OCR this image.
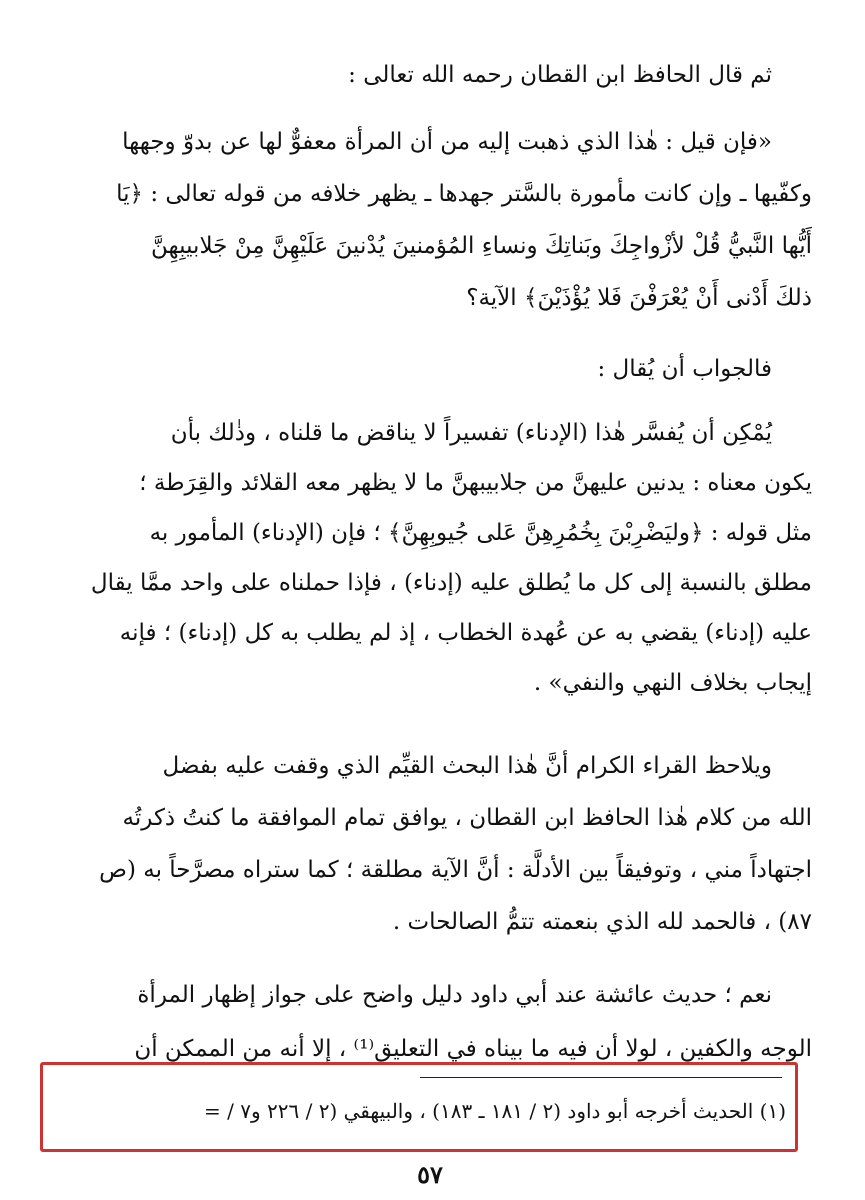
ثم قال الحافظ ابن القطان رحمه الله تعالى :
«فإن قيل : هٰذا الذي ذهبت إليه من أن المرأة معفوٌّ لها عن بدوّ وجهها
وكفّيها ـ وإن كانت مأمورة بالسَّتر جهدها ـ يظهر خلافه من قوله تعالى : ﴿يَا
أَيُّها النَّبيُّ قُلْ لأزْواجِكَ وبَناتِكَ ونساءِ المُؤمنينَ يُدْنينَ عَلَيْهِنَّ مِنْ جَلابيبِهِنَّ
ذلكَ أَدْنى أَنْ يُعْرَفْنَ فَلا يُؤْذَيْنَ﴾ الآية؟
فالجواب أن يُقال :
يُمْكِن أن يُفسَّر هٰذا (الإدناء) تفسيراً لا يناقض ما قلناه ، وذٰلك بأن
يكون معناه : يدنين عليهنَّ من جلابيبهنَّ ما لا يظهر معه القلائد والقِرَطة ؛
مثل قوله : ﴿وليَضْرِبْنَ بِخُمُرِهِنَّ عَلى جُيوبِهِنَّ﴾ ؛ فإن (الإدناء) المأمور به
مطلق بالنسبة إلى كل ما يُطلق عليه (إدناء) ، فإذا حملناه على واحد ممَّا يقال
عليه (إدناء) يقضي به عن عُهدة الخطاب ، إذ لم يطلب به كل (إدناء) ؛ فإنه
إيجاب بخلاف النهي والنفي» .
ويلاحظ القراء الكرام أنَّ هٰذا البحث القيِّم الذي وقفت عليه بفضل
الله من كلام هٰذا الحافظ ابن القطان ، يوافق تمام الموافقة ما كنتُ ذكرتُه
اجتهاداً مني ، وتوفيقاً بين الأدلَّة : أنَّ الآية مطلقة ؛ كما ستراه مصرَّحاً به (ص
٨٧) ، فالحمد لله الذي بنعمته تتمُّ الصالحات .
نعم ؛ حديث عائشة عند أبي داود دليل واضح على جواز إظهار المرأة
الوجه والكفين ، لولا أن فيه ما بيناه في التعليق⁽¹⁾ ، إلا أنه من الممكن أن
(١) الحديث أخرجه أبو داود (٢ / ١٨١ ـ ١٨٣) ، والبيهقي (٢ / ٢٢٦ و٧ / =
٥٧
